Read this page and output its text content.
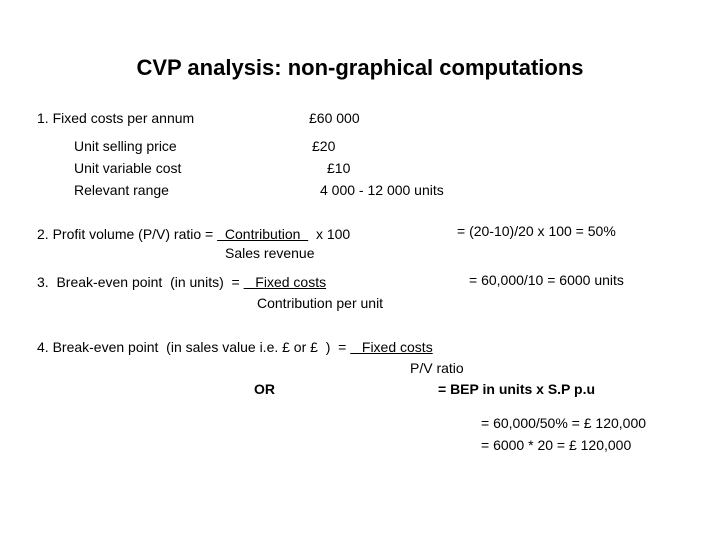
CVP analysis: non-graphical computations
1. Fixed costs per annum	£60 000
Unit selling price	£20
Unit variable cost	£10
Relevant range	4 000 - 12 000 units
2. Profit volume (P/V) ratio =   Contribution    x 100
Sales revenue
= (20-10)/20 x 100 = 50%
3.  Break-even point  (in units)  =    Fixed costs
Contribution per unit
= 60,000/10 = 6000 units
4. Break-even point  (in sales value i.e. £ or £  )  =    Fixed costs
P/V ratio
OR	= BEP in units x S.P p.u
= 60,000/50% = £ 120,000
= 6000 * 20 = £ 120,000
